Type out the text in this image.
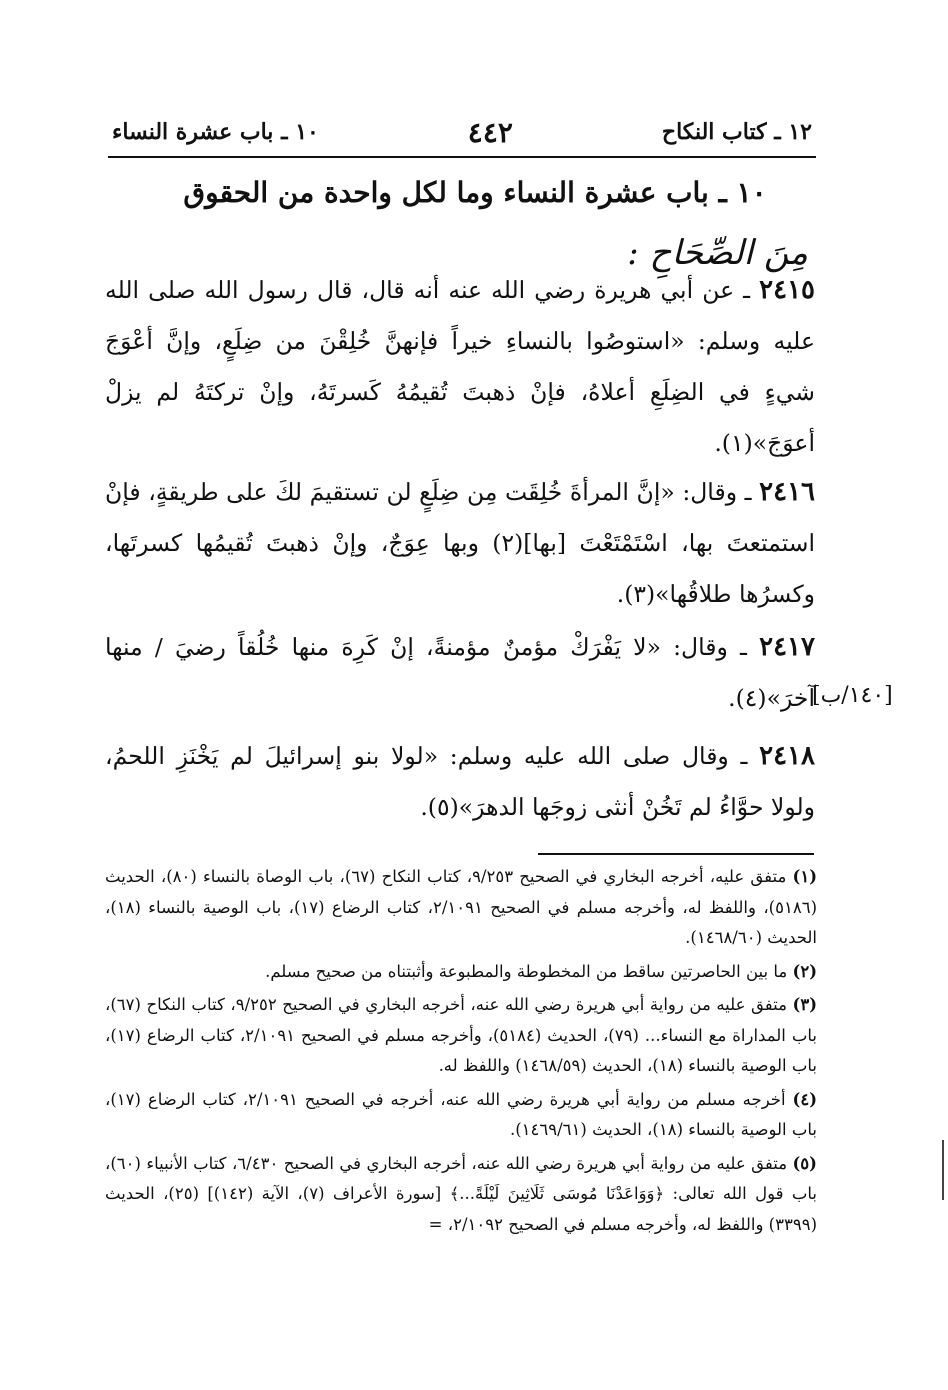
١٢ ـ كتاب النكاح
٤٤٢
١٠ ـ باب عشرة النساء
١٠ ـ باب عشرة النساء وما لكل واحدة من الحقوق
مِنَ الصِّحَاحِ :
٢٤١٥ ـ عن أبي هريرة رضي الله عنه أنه قال، قال رسول الله صلى الله عليه وسلم: «استوصُوا بالنساءِ خيراً فإنهنَّ خُلِقْنَ من ضِلَعٍ، وإنَّ أعْوَجَ شيءٍ في الضِلَعِ أعلاهُ، فإنْ ذهبتَ تُقيمُهُ كَسرتَهُ، وإنْ تركتَهُ لم يزلْ أعوَجَ»(١).
٢٤١٦ ـ وقال: «إنَّ المرأةَ خُلِقَت مِن ضِلَعٍ لن تستقيمَ لكَ على طريقةٍ، فإنْ استمتعتَ بها، اسْتَمْتَعْتَ [بها](٢) وبها عِوَجٌ، وإنْ ذهبتَ تُقيمُها كسرتَها، وكسرُها طلاقُها»(٣).
٢٤١٧ ـ وقال: «لا يَفْرَكْ مؤمنٌ مؤمنةً، إنْ كَرِهَ منها خُلُقاً رضيَ / منها آخرَ»(٤).
[١٤٠/ب]
٢٤١٨ ـ وقال صلى الله عليه وسلم: «لولا بنو إسرائيلَ لم يَخْنَزِ اللحمُ، ولولا حوَّاءُ لم تَخُنْ أنثى زوجَها الدهرَ»(٥).

(١) متفق عليه، أخرجه البخاري في الصحيح ٩/٢٥٣، كتاب النكاح (٦٧)، باب الوصاة بالنساء (٨٠)، الحديث (٥١٨٦)، واللفظ له، وأخرجه مسلم في الصحيح ٢/١٠٩١، كتاب الرضاع (١٧)، باب الوصية بالنساء (١٨)، الحديث (١٤٦٨/٦٠).

(٢) ما بين الحاصرتين ساقط من المخطوطة والمطبوعة وأثبتناه من صحيح مسلم.

(٣) متفق عليه من رواية أبي هريرة رضي الله عنه، أخرجه البخاري في الصحيح ٩/٢٥٢، كتاب النكاح (٦٧)، باب المداراة مع النساء... (٧٩)، الحديث (٥١٨٤)، وأخرجه مسلم في الصحيح ٢/١٠٩١، كتاب الرضاع (١٧)، باب الوصية بالنساء (١٨)، الحديث (١٤٦٨/٥٩) واللفظ له.

(٤) أخرجه مسلم من رواية أبي هريرة رضي الله عنه، أخرجه في الصحيح ٢/١٠٩١، كتاب الرضاع (١٧)، باب الوصية بالنساء (١٨)، الحديث (١٤٦٩/٦١).

(٥) متفق عليه من رواية أبي هريرة رضي الله عنه، أخرجه البخاري في الصحيح ٦/٤٣٠، كتاب الأنبياء (٦٠)، باب قول الله تعالى: ﴿وَوَاعَدْنَا مُوسَى ثَلَاثِينَ لَيْلَةً...﴾ [سورة الأعراف (٧)، الآية (١٤٢)] (٢٥)، الحديث (٣٣٩٩) واللفظ له، وأخرجه مسلم في الصحيح ٢/١٠٩٢، =
